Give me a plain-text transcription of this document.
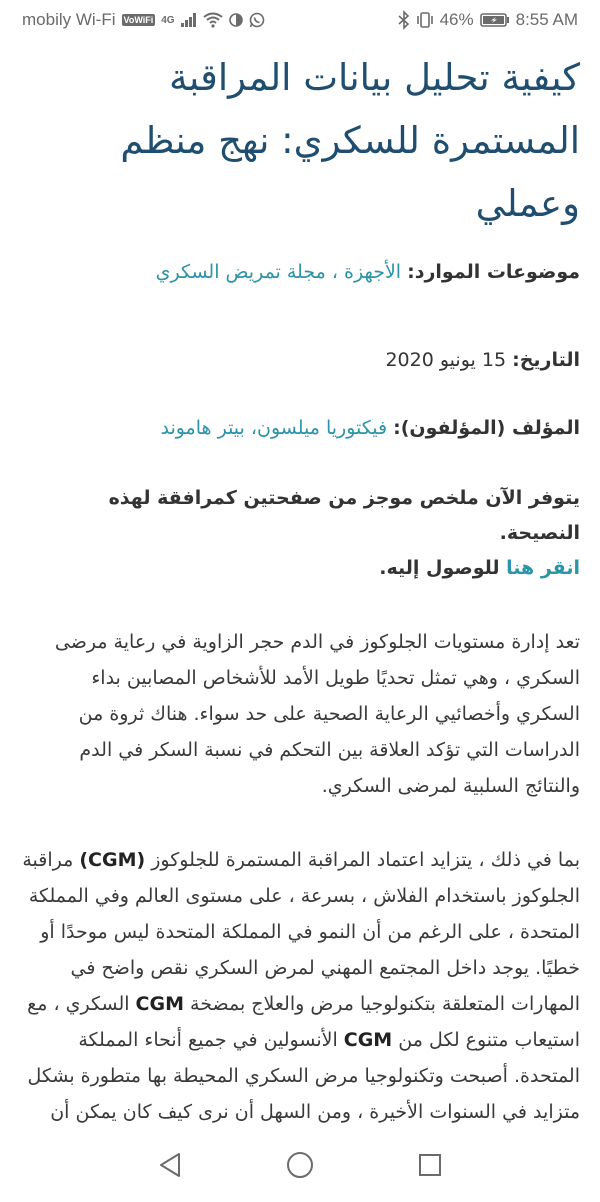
mobily Wi-Fi VoWiFi 4G	46% 8:55 AM
كيفية تحليل بيانات المراقبة المستمرة للسكري: نهج منظم وعملي
موضوعات الموارد: الأجهزة ، مجلة تمريض السكري
التاريخ: 15 يونيو 2020
المؤلف (المؤلفون): فيكتوريا ميلسون، بيتر هاموند

يتوفر الآن ملخص موجز من صفحتين كمرافقة لهذه النصيحة.
انقر هنا للوصول إليه.

تعد إدارة مستويات الجلوكوز في الدم حجر الزاوية في رعاية مرضى السكري ، وهي تمثل تحديًا طويل الأمد للأشخاص المصابين بداء السكري وأخصائيي الرعاية الصحية على حد سواء. هناك ثروة من الدراسات التي تؤكد العلاقة بين التحكم في نسبة السكر في الدم والنتائج السلبية لمرضى السكري.

بما في ذلك ، يتزايد اعتماد المراقبة المستمرة للجلوكوز (CGM) مراقبة الجلوكوز باستخدام الفلاش ، بسرعة ، على مستوى العالم وفي المملكة المتحدة ، على الرغم من أن النمو في المملكة المتحدة ليس موحدًا أو خطيًا. يوجد داخل المجتمع المهني لمرض السكري نقص واضح في المهارات المتعلقة بتكنولوجيا مرض والعلاج بمضخة CGM السكري ، مع استيعاب متنوع لكل من CGM الأنسولين في جميع أنحاء المملكة المتحدة. أصبحت وتكنولوجيا مرض السكري المحيطة بها متطورة بشكل متزايد في السنوات الأخيرة ، ومن السهل أن نرى كيف كان يمكن أن
